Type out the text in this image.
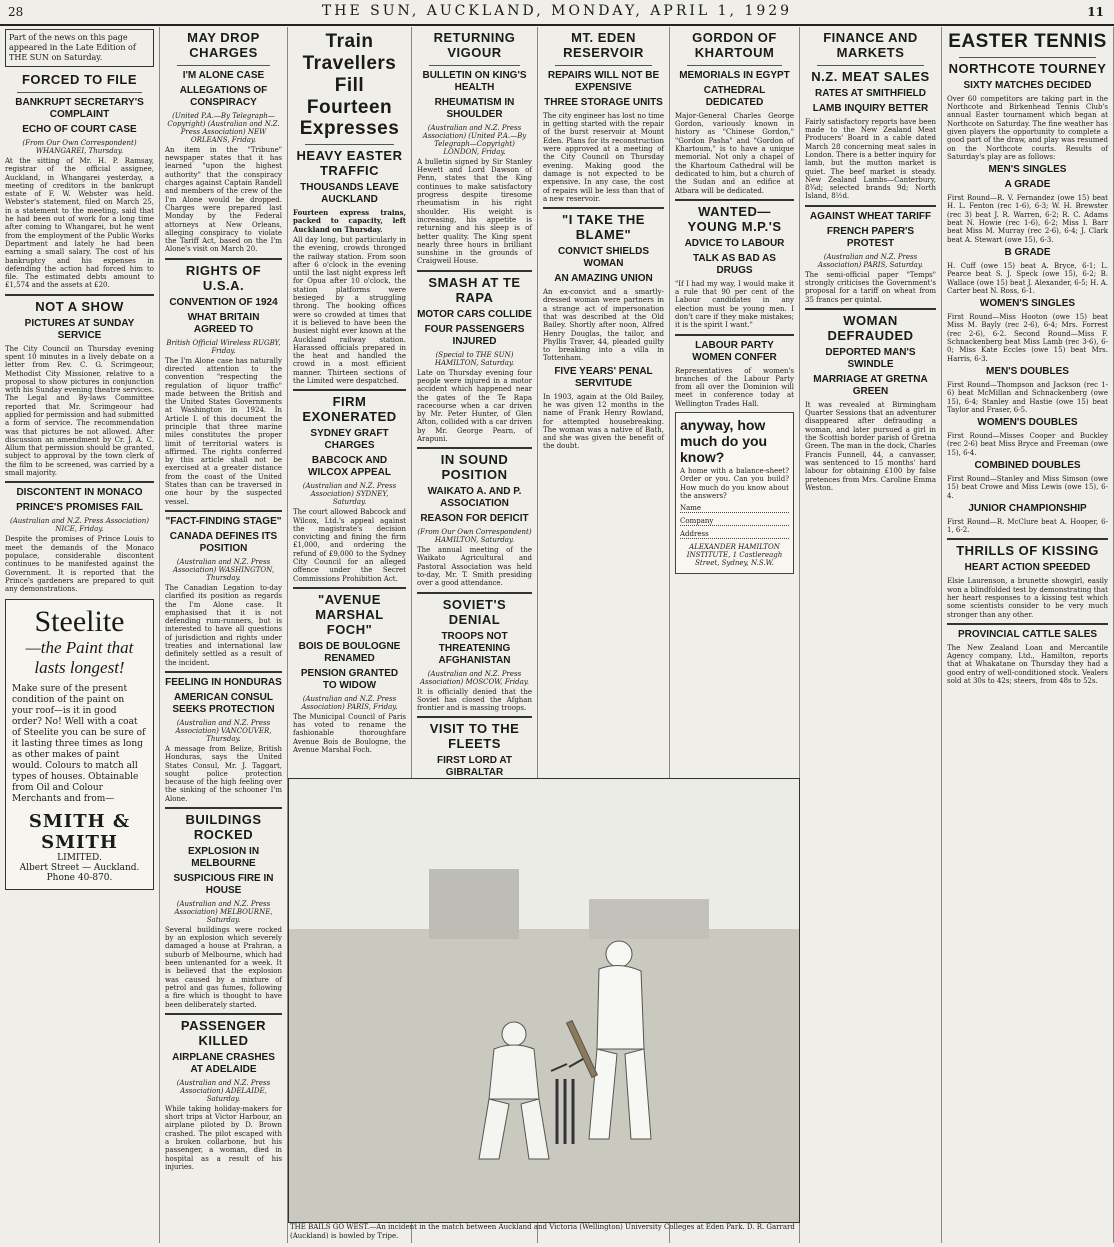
28	THE SUN, AUCKLAND, MONDAY, APRIL 1, 1929	11
Part of the news on this page appeared in the Late Edition of THE SUN on Saturday.
FORCED TO FILE
BANKRUPT SECRETARY'S COMPLAINT
ECHO OF COURT CASE
(From Our Own Correspondent) WHANGAREI, Thursday.

At the sitting of Mr. H. P. Ramsay, registrar of the official assignee, Auckland, in Whangarei yesterday, a meeting of creditors in the bankrupt estate of F. W. Webster was held. Webster's statement, filed on March 25, in a statement to the meeting, said that he had been out of work for a long time after coming to Whangarei, but he went from the employment of the Public Works Department and lately he had been earning a small salary. The cost of his bankruptcy and his expenses in defending the action had forced him to file. The estimated debts amount to £1,574 and the assets at £20.

NOT A SHOW
PICTURES AT SUNDAY SERVICE

The City Council on Thursday evening spent 10 minutes in a lively debate on a letter from Rev. C. G. Scrimgeour, Methodist City Missioner, relative to a proposal to show pictures in conjunction with his Sunday evening theatre services. The Legal and By-laws Committee reported that Mr. Scrimgeour had applied for permission and had submitted a form of service. The recommendation was that pictures be not allowed. After discussion an amendment by Cr. J. A. C. Allum that permission should be granted, subject to approval by the town clerk of the film to be screened, was carried by a small majority.

DISCONTENT IN MONACO
PRINCE'S PROMISES FAIL
(Australian and N.Z. Press Association) NICE, Friday.

Despite the promises of Prince Louis to meet the demands of the Monaco populace, considerable discontent continues to be manifested against the Government. It is reported that the Prince's gardeners are prepared to quit any demonstrations.

Steelite
—the Paint that lasts longest!
Make sure of the present condition of the paint on your roof—is it in good order? No! Well with a coat of Steelite you can be sure of it lasting three times as long as other makes of paint would. Colours to match all types of houses. Obtainable from Oil and Colour Merchants and from—
SMITH & SMITH
LIMITED.
Albert Street — Auckland.
Phone 40-870.
MAY DROP CHARGES
I'M ALONE CASE
ALLEGATIONS OF CONSPIRACY
(United P.A.—By Telegraph—Copyright) (Australian and N.Z. Press Association) NEW ORLEANS, Friday.

An item in the "Tribune" newspaper states that it has learned "upon the highest authority" that the conspiracy charges against Captain Randell and members of the crew of the I'm Alone would be dropped. Charges were prepared last Monday by the Federal attorneys at New Orleans, alleging conspiracy to violate the Tariff Act, based on the I'm Alone's visit on March 20.

RIGHTS OF U.S.A.
CONVENTION OF 1924
WHAT BRITAIN AGREED TO
British Official Wireless RUGBY, Friday.

The I'm Alone case has naturally directed attention to the convention "respecting the regulation of liquor traffic" made between the British and the United States Governments at Washington in 1924. In Article I. of this document the principle that three marine miles constitutes the proper limit of territorial waters is affirmed. The rights conferred by this article shall not be exercised at a greater distance from the coast of the United States than can be traversed in one hour by the suspected vessel.

"FACT-FINDING STAGE"
CANADA DEFINES ITS POSITION
(Australian and N.Z. Press Association) WASHINGTON, Thursday.

The Canadian Legation to-day clarified its position as regards the I'm Alone case. It emphasised that it is not defending rum-runners, but is interested to have all questions of jurisdiction and rights under treaties and international law definitely settled as a result of the incident.

FEELING IN HONDURAS
AMERICAN CONSUL SEEKS PROTECTION
(Australian and N.Z. Press Association) VANCOUVER, Thursday.

A message from Belize, British Honduras, says the United States Consul, Mr. J. Taggart, sought police protection because of the high feeling over the sinking of the schooner I'm Alone.

BUILDINGS ROCKED
EXPLOSION IN MELBOURNE
SUSPICIOUS FIRE IN HOUSE
(Australian and N.Z. Press Association) MELBOURNE, Saturday.

Several buildings were rocked by an explosion which severely damaged a house at Prahran, a suburb of Melbourne, which had been untenanted for a week. It is believed that the explosion was caused by a mixture of petrol and gas fumes, following a fire which is thought to have been deliberately started.

PASSENGER KILLED
AIRPLANE CRASHES AT ADELAIDE
(Australian and N.Z. Press Association) ADELAIDE, Saturday.

While taking holiday-makers for short trips at Victor Harbour, an airplane piloted by D. Brown crashed. The pilot escaped with a broken collarbone, but his passenger, a woman, died in hospital as a result of his injuries.

Train Travellers Fill Fourteen Expresses
HEAVY EASTER TRAFFIC
THOUSANDS LEAVE AUCKLAND

Fourteen express trains, packed to capacity, left Auckland on Thursday.

All day long, but particularly in the evening, crowds thronged the railway station. From soon after 6 o'clock in the evening until the last night express left for Opua after 10 o'clock, the station platforms were besieged by a struggling throng. The booking offices were so crowded at times that it is believed to have been the busiest night ever known at the Auckland railway station. Harassed officials prepared in the heat and handled the crowd in a most efficient manner. Thirteen sections of the Limited were despatched.

FIRM EXONERATED
SYDNEY GRAFT CHARGES
BABCOCK AND WILCOX APPEAL
(Australian and N.Z. Press Association) SYDNEY, Saturday.

The court allowed Babcock and Wilcox, Ltd.'s appeal against the magistrate's decision convicting and fining the firm £1,000, and ordering the refund of £9,000 to the Sydney City Council for an alleged offence under the Secret Commissions Prohibition Act.

"AVENUE MARSHAL FOCH"
BOIS DE BOULOGNE RENAMED
PENSION GRANTED TO WIDOW
(Australian and N.Z. Press Association) PARIS, Friday.

The Municipal Council of Paris has voted to rename the fashionable thoroughfare Avenue Bois de Boulogne, the Avenue Marshal Foch.

RETURNING VIGOUR
BULLETIN ON KING'S HEALTH
RHEUMATISM IN SHOULDER
(Australian and N.Z. Press Association) (United P.A.—By Telegraph—Copyright) LONDON, Friday.

A bulletin signed by Sir Stanley Hewett and Lord Dawson of Penn, states that the King continues to make satisfactory progress despite tiresome rheumatism in his right shoulder. His weight is increasing, his appetite is returning and his sleep is of better quality. The King spent nearly three hours in brilliant sunshine in the grounds of Craigweil House.

SMASH AT TE RAPA
MOTOR CARS COLLIDE
FOUR PASSENGERS INJURED
(Special to THE SUN) HAMILTON, Saturday.

Late on Thursday evening four people were injured in a motor accident which happened near the gates of the Te Rapa racecourse when a car driven by Mr. Peter Hunter, of Glen Afton, collided with a car driven by Mr. George Pearn, of Arapuni.

IN SOUND POSITION
WAIKATO A. AND P. ASSOCIATION
REASON FOR DEFICIT
(From Our Own Correspondent) HAMILTON, Saturday.

The annual meeting of the Waikato Agricultural and Pastoral Association was held to-day, Mr. T. Smith presiding over a good attendance.

SOVIET'S DENIAL
TROOPS NOT THREATENING AFGHANISTAN
(Australian and N.Z. Press Association) MOSCOW, Friday.

It is officially denied that the Soviet has closed the Afghan frontier and is massing troops.

VISIT TO THE FLEETS
FIRST LORD AT GIBRALTAR

MT. EDEN RESERVOIR
REPAIRS WILL NOT BE EXPENSIVE
THREE STORAGE UNITS

The city engineer has lost no time in getting started with the repair of the burst reservoir at Mount Eden. Plans for its reconstruction were approved at a meeting of the City Council on Thursday evening. Making good the damage is not expected to be expensive. In any case, the cost of repairs will be less than that of a new reservoir.

"I TAKE THE BLAME"
CONVICT SHIELDS WOMAN
AN AMAZING UNION

An ex-convict and a smartly-dressed woman were partners in a strange act of impersonation that was described at the Old Bailey. Shortly after noon, Alfred Henry Douglas, the tailor, and Phyllis Traver, 44, pleaded guilty to breaking into a villa in Tottenham.

FIVE YEARS' PENAL SERVITUDE

In 1903, again at the Old Bailey, he was given 12 months in the name of Frank Henry Rowland, for attempted housebreaking. The woman was a native of Bath, and she was given the benefit of the doubt.

GORDON OF KHARTOUM
MEMORIALS IN EGYPT
CATHEDRAL DEDICATED

Major-General Charles George Gordon, variously known in history as "Chinese Gordon," "Gordon Pasha" and "Gordon of Khartoum," is to have a unique memorial. Not only a chapel of the Khartoum Cathedral will be dedicated to him, but a church of the Sudan and an edifice at Atbara will be dedicated.

WANTED—YOUNG M.P.'S
ADVICE TO LABOUR
TALK AS BAD AS DRUGS

"If I had my way, I would make it a rule that 90 per cent of the Labour candidates in any election must be young men. I don't care if they make mistakes; it is the spirit I want."

LABOUR PARTY WOMEN CONFER

Representatives of women's branches of the Labour Party from all over the Dominion will meet in conference today at Wellington Trades Hall.

anyway, how much do you know?

A home with a balance-sheet? Order or you. Can you build? How much do you know about the answers?

Name
Company
Address
ALEXANDER HAMILTON INSTITUTE, 1 Castlereagh Street, Sydney, N.S.W.
FINANCE AND MARKETS
N.Z. MEAT SALES
RATES AT SMITHFIELD
LAMB INQUIRY BETTER

Fairly satisfactory reports have been made to the New Zealand Meat Producers' Board in a cable dated March 28 concerning meat sales in London. There is a better inquiry for lamb, but the mutton market is quiet. The beef market is steady. New Zealand Lambs—Canterbury, 8¾d; selected brands 9d; North Island, 8½d.

AGAINST WHEAT TARIFF
FRENCH PAPER'S PROTEST
(Australian and N.Z. Press Association) PARIS, Saturday.

The semi-official paper "Temps" strongly criticises the Government's proposal for a tariff on wheat from 35 francs per quintal.

WOMAN DEFRAUDED
DEPORTED MAN'S SWINDLE
MARRIAGE AT GRETNA GREEN

It was revealed at Birmingham Quarter Sessions that an adventurer disappeared after defrauding a woman, and later pursued a girl in the Scottish border parish of Gretna Green. The man in the dock, Charles Francis Funnell, 44, a canvasser, was sentenced to 15 months' hard labour for obtaining £100 by false pretences from Mrs. Caroline Emma Weston.

EASTER TENNIS
NORTHCOTE TOURNEY
SIXTY MATCHES DECIDED

Over 60 competitors are taking part in the Northcote and Birkenhead Tennis Club's annual Easter tournament which began at Northcote on Saturday. The fine weather has given players the opportunity to complete a good part of the draw, and play was resumed on the Northcote courts. Results of Saturday's play are as follows:

MEN'S SINGLES
A GRADE

First Round—R. V. Fernandez (owe 15) beat H. L. Fenton (rec 1-6), 6-3; W. H. Brewster (rec 3) beat J. R. Warren, 6-2; R. C. Adams beat N. Howie (rec 1-6), 6-2; Miss I. Barr beat Miss M. Murray (rec 2-6), 6-4; J. Clark beat A. Stewart (owe 15), 6-3.

B GRADE

H. Cuff (owe 15) beat A. Bryce, 6-1; L. Pearce beat S. J. Speck (owe 15), 6-2; B. Wallace (owe 15) beat J. Alexander, 6-5; H. A. Carter beat N. Ross, 6-1.

WOMEN'S SINGLES

First Round—Miss Hooton (owe 15) beat Miss M. Bayly (rec 2-6), 6-4; Mrs. Forrest (rec 2-6), 6-2. Second Round—Miss F. Schnackenberg beat Miss Lamb (rec 3-6), 6-0; Miss Kate Eccles (owe 15) beat Mrs. Harris, 6-3.

MEN'S DOUBLES

First Round—Thompson and Jackson (rec 1-6) beat McMillan and Schnackenberg (owe 15), 6-4; Stanley and Hastie (owe 15) beat Taylor and Fraser, 6-5.

WOMEN'S DOUBLES

First Round—Misses Cooper and Buckley (rec 2-6) beat Miss Bryce and Freeman (owe 15), 6-4.

COMBINED DOUBLES

First Round—Stanley and Miss Simson (owe 15) beat Crowe and Miss Lewis (owe 15), 6-4.

JUNIOR CHAMPIONSHIP

First Round—R. McClure beat A. Hooper, 6-1, 6-2.

THRILLS OF KISSING
HEART ACTION SPEEDED

Elsie Laurenson, a brunette showgirl, easily won a blindfolded test by demonstrating that her heart responses to a kissing test which some scientists consider to be very much stronger than any other.

PROVINCIAL CATTLE SALES

The New Zealand Loan and Mercantile Agency company, Ltd., Hamilton, reports that at Whakatane on Thursday they had a good entry of well-conditioned stock. Vealers sold at 30s to 42s; steers, from 48s to 52s.

THE BAILS GO WEST.—An incident in the match between Auckland and Victoria (Wellington) University Colleges at Eden Park. D. R. Garrard (Auckland) is bowled by Tripe.
